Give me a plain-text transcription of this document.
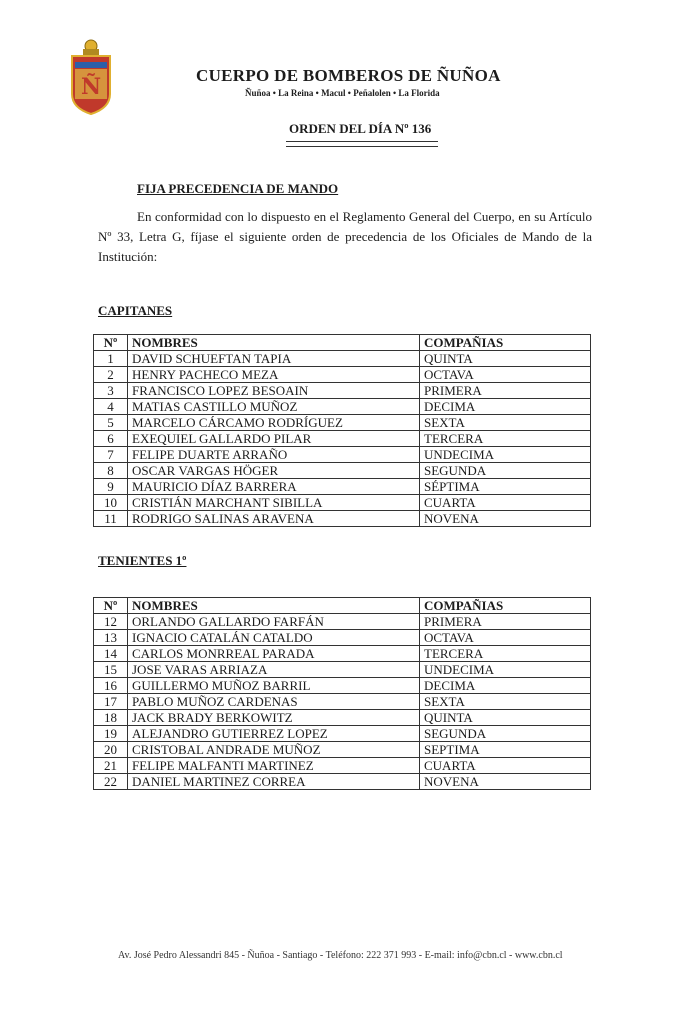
Ñ	CUERPO DE BOMBEROS DE ÑUÑOA
Ñuñoa • La Reina • Macul • Peñalolen • La Florida
ORDEN DEL DÍA Nº 136
FIJA PRECEDENCIA DE MANDO

En conformidad con lo dispuesto en el Reglamento General del Cuerpo, en su Artículo Nº 33, Letra G, fíjase el siguiente orden de precedencia de los Oficiales de Mando de la Institución:

CAPITANES
Nº	NOMBRES	COMPAÑIAS
1	DAVID SCHUEFTAN TAPIA	QUINTA
2	HENRY PACHECO MEZA	OCTAVA
3	FRANCISCO LOPEZ BESOAIN	PRIMERA
4	MATIAS CASTILLO MUÑOZ	DECIMA
5	MARCELO CÁRCAMO RODRÍGUEZ	SEXTA
6	EXEQUIEL GALLARDO PILAR	TERCERA
7	FELIPE DUARTE ARRAÑO	UNDECIMA
8	OSCAR VARGAS HÖGER	SEGUNDA
9	MAURICIO DÍAZ BARRERA	SÉPTIMA
10	CRISTIÁN MARCHANT SIBILLA	CUARTA
11	RODRIGO SALINAS ARAVENA	NOVENA
TENIENTES 1º
Nº	NOMBRES	COMPAÑIAS
12	ORLANDO GALLARDO FARFÁN	PRIMERA
13	IGNACIO CATALÁN CATALDO	OCTAVA
14	CARLOS MONRREAL PARADA	TERCERA
15	JOSE VARAS ARRIAZA	UNDECIMA
16	GUILLERMO MUÑOZ BARRIL	DECIMA
17	PABLO MUÑOZ CARDENAS	SEXTA
18	JACK BRADY BERKOWITZ	QUINTA
19	ALEJANDRO GUTIERREZ LOPEZ	SEGUNDA
20	CRISTOBAL ANDRADE MUÑOZ	SEPTIMA
21	FELIPE MALFANTI MARTINEZ	CUARTA
22	DANIEL MARTINEZ CORREA	NOVENA
Av. José Pedro Alessandri 845 - Ñuñoa - Santiago - Teléfono: 222 371 993 - E-mail: info@cbn.cl - www.cbn.cl
